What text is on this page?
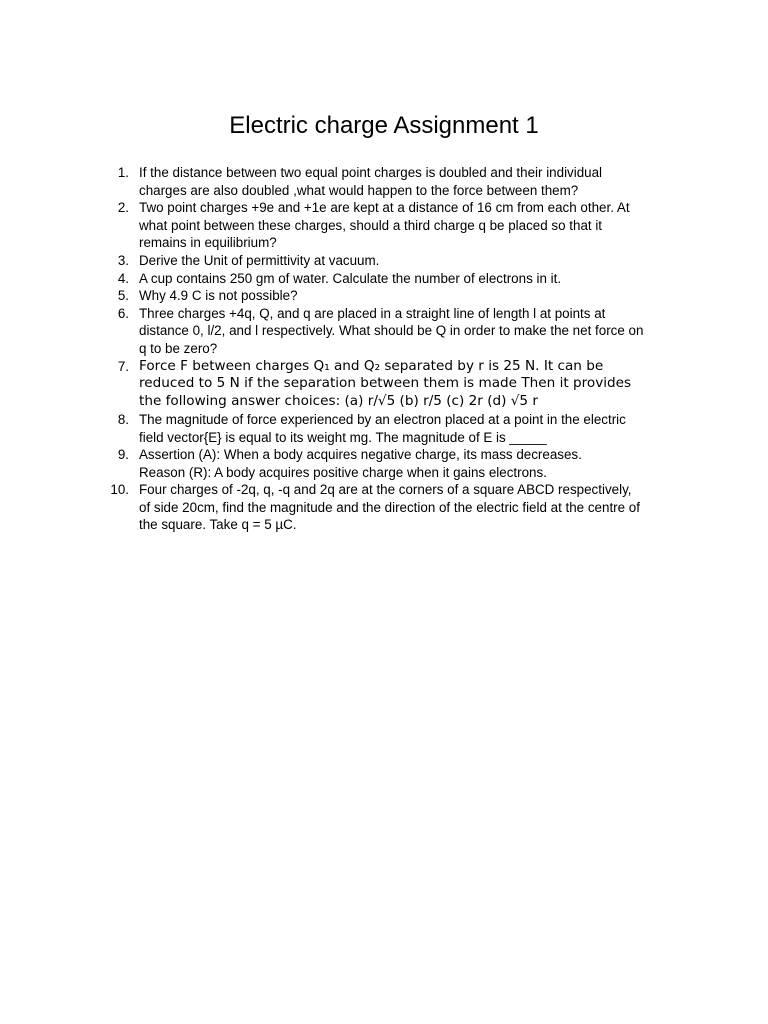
Electric charge Assignment 1
1. If the distance between two equal point charges is doubled and their individual
charges are also doubled ,what would happen to the force between them?
2. Two point charges +9e and +1e are kept at a distance of 16 cm from each other. At
what point between these charges, should a third charge q be placed so that it
remains in equilibrium?
3. Derive the Unit of permittivity at vacuum.
4. A cup contains 250 gm of water. Calculate the number of electrons in it.
5. Why 4.9 C is not possible?
6. Three charges +4q, Q, and q are placed in a straight line of length l at points at
distance 0, l/2, and l respectively. What should be Q in order to make the net force on
q to be zero?
7. Force F between charges Q₁ and Q₂ separated by r is 25 N. It can be
reduced to 5 N if the separation between them is made Then it provides
the following answer choices: (a) r/√5 (b) r/5 (c) 2r (d) √5 r
8. The magnitude of force experienced by an electron placed at a point in the electric
field vector{E} is equal to its weight mg. The magnitude of E is _____
9. Assertion (A): When a body acquires negative charge, its mass decreases.
Reason (R): A body acquires positive charge when it gains electrons.
10. Four charges of -2q, q, -q and 2q are at the corners of a square ABCD respectively,
of side 20cm, find the magnitude and the direction of the electric field at the centre of
the square. Take q = 5 µC.
